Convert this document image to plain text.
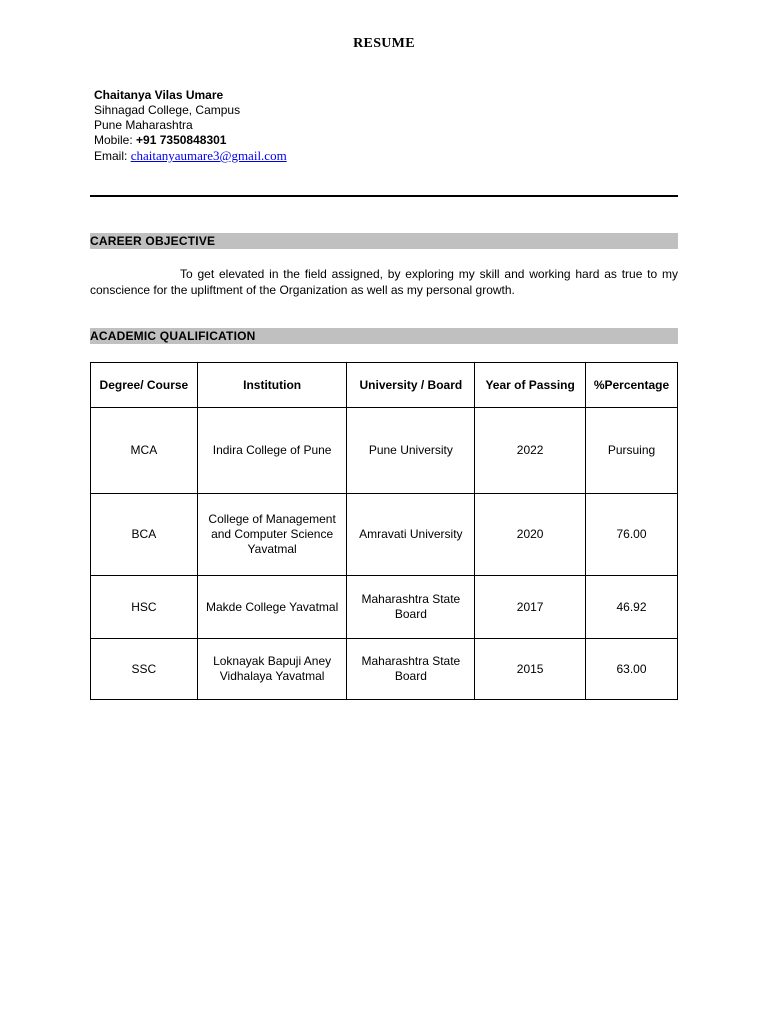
RESUME
Chaitanya Vilas Umare
Sihnagad College, Campus
Pune Maharashtra
Mobile: +91 7350848301
Email: chaitanyaumare3@gmail.com
CAREER OBJECTIVE
To get elevated in the field assigned, by exploring my skill and working hard as true to my conscience for the upliftment of the Organization as well as my personal growth.
ACADEMIC QUALIFICATION
Degree/ Course	Institution	University / Board	Year of Passing	%Percentage
MCA	Indira College of Pune	Pune University	2022	Pursuing
BCA	College of Management and Computer Science Yavatmal	Amravati University	2020	76.00
HSC	Makde College Yavatmal	Maharashtra State Board	2017	46.92
SSC	Loknayak Bapuji Aney Vidhalaya Yavatmal	Maharashtra State Board	2015	63.00
